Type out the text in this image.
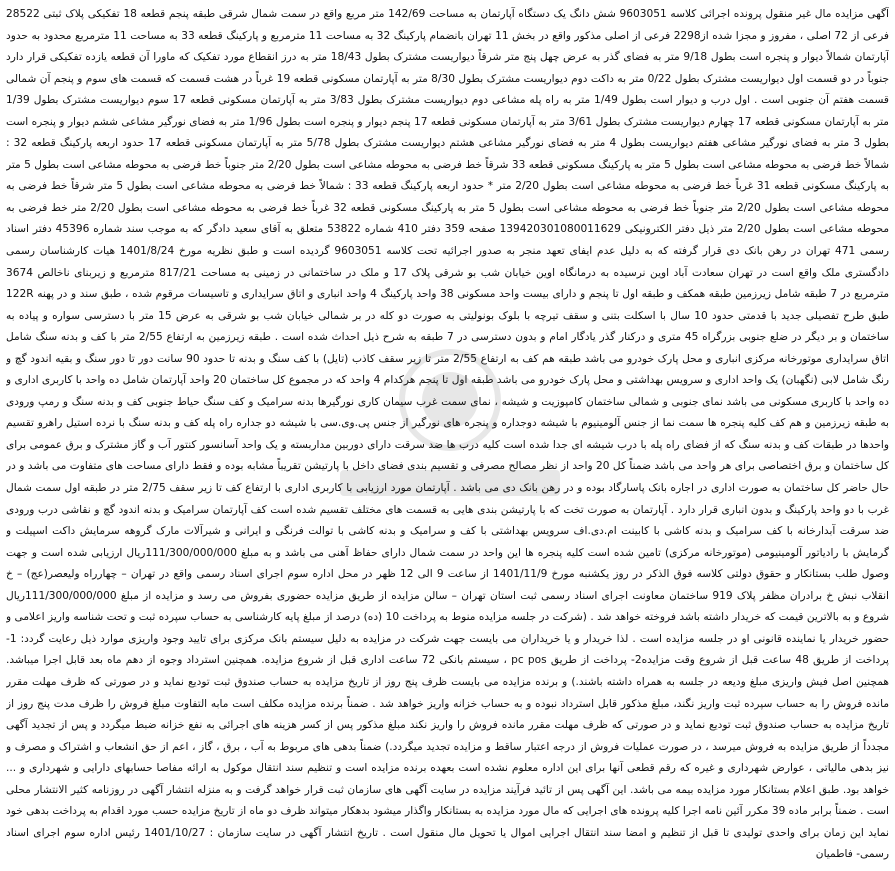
آگهی مزایده مال غیر منقول پرونده اجرائی کلاسه 9603051 شش دانگ یک دستگاه آپارتمان به مساحت 142/69 متر مربع واقع در سمت شمال شرقی طبقه پنجم قطعه 18 تفکیکی پلاک ثبتی 28522 فرعی از 72 اصلی ، مفروز و مجزا شده از2298 فرعی از اصلی مذکور واقع در بخش 11 تهران بانضمام پارکینگ 32 به مساحت 11 مترمربع و پارکینگ قطعه 33 به مساحت 11 مترمربع محدود به حدود آپارتمان شمالاً دیوار و پنجره است بطول 9/18 متر به فضای گذر به عرض چهل پنج متر شرقاً دیواریست مشترک بطول 18/43 متر به درز انقطاع مورد تفکیک که ماورا آن قطعه یازده تفکیکی قرار دارد جنوباً در دو قسمت اول دیواریست مشترک بطول 0/22 متر به داکت دوم دیواریست مشترک بطول 8/30 متر به آپارتمان مسکونی قطعه 19 غرباً در هشت قسمت که قسمت های سوم و پنجم آن شمالی قسمت هفتم آن جنوبی است . اول درب و دیوار است بطول 1/49 متر به راه پله مشاعی دوم دیواریست مشترک بطول 3/83 متر به آپارتمان مسکونی قطعه 17 سوم دیواریست مشترک بطول 1/39 متر به آپارتمان مسکونی قطعه 17 چهارم دیواریست مشترک بطول 3/61 متر به آپارتمان مسکونی قطعه 17 پنجم دیوار و پنجره است بطول 1/96 متر به فضای نورگیر مشاعی ششم دیوار و پنجره است بطول 3 متر به فضای نورگیر مشاعی هفتم دیواریست بطول 4 متر به فضای نورگیر مشاعی هشتم دیواریست مشترک بطول 5/78 متر به آپارتمان مسکونی قطعه 17 حدود اربعه پارکینگ قطعه 32 : شمالاً خط فرضی به محوطه مشاعی است بطول 5 متر به پارکینگ مسکونی قطعه 33 شرقاً خط فرضی به محوطه مشاعی است بطول 2/20 متر جنوباً خط فرضی به محوطه مشاعی است بطول 5 متر به پارکینگ مسکونی قطعه 31 غرباً خط فرضی به محوطه مشاعی است بطول 2/20 متر * حدود اربعه پارکینگ قطعه 33 : شمالاً خط فرضی به محوطه مشاعی است بطول 5 متر شرقاً خط فرضی به محوطه مشاعی است بطول 2/20 متر جنوباً خط فرضی به محوطه مشاعی است بطول 5 متر به پارکینگ مسکونی قطعه 32 غرباً خط فرضی به محوطه مشاعی است بطول 2/20 متر خط فرضی به محوطه مشاعی است بطول 2/20 متر ذیل دفتر الکترونیکی 139420301080011629 صفحه 359 دفتر 410 شماره 53822 متعلق به آقای سعید دادگر که به موجب سند شماره 45396 دفتر اسناد رسمی 471 تهران در رهن بانک دی قرار گرفته که به دلیل عدم ایفای تعهد منجر به صدور اجرائیه تحت کلاسه 9603051 گردیده است و طبق نظریه مورخ 1401/8/24 هیات کارشناسان رسمی دادگستری ملک واقع است در تهران سعادت آباد اوین نرسیده به درمانگاه اوین خیابان شب بو شرقی پلاک 17 و ملک در ساختمانی در زمینی به مساحت 817/21 مترمربع و زیربنای ناخالص 3674 مترمربع در 7 طبقه شامل زیرزمین طبقه همکف و طبقه اول تا پنجم و دارای بیست واحد مسکونی 38 واحد پارکینگ 4 واحد انباری و اتاق سرایداری و تاسیسات مرقوم شده ، طبق سند و در پهنه 122R طبق طرح تفصیلی جدید با قدمتی حدود 10 سال با اسکلت بتنی و سقف تیرچه با بلوک بونولیتی به صورت دو کله در بر شمالی خیابان شب بو شرقی به عرض 15 متر با دسترسی سواره و پیاده به ساختمان و بر دیگر در ضلع جنوبی بزرگراه 45 متری و درکنار گذر یادگار امام و بدون دسترسی در 7 طبقه به شرح ذیل احداث شده است . طبقه زیرزمین به ارتفاع 2/55 متر با کف و بدنه سنگ شامل اتاق سرایداری موتورخانه مرکزی انباری و محل پارک خودرو می باشد طبقه هم کف به ارتفاع 2/55 متر تا زیر سقف کاذب (تایل) با کف سنگ و بدنه تا حدود 90 سانت دور تا دور سنگ و بقیه اندود گچ و رنگ شامل لابی (نگهبان) یک واحد اداری و سرویس بهداشتی و محل پارک خودرو می باشد طبقه اول تا پنجم هرکدام 4 واحد که در مجموع کل ساختمان 20 واحد آپارتمان شامل ده واحد با کاربری اداری و ده واحد با کاربری مسکونی می باشد نمای جنوبی و شمالی ساختمان کامپوزیت و شیشه ، نمای سمت غرب سیمان کاری نورگیرها بدنه سرامیک و کف سنگ حیاط جنوبی کف و بدنه سنگ و رمپ ورودی به طبقه زیرزمین و هم کف کلیه پنجره ها سمت نما از جنس آلومینیوم با شیشه دوجداره و پنجره های نورگیر از جنس پی.وی.سی با شیشه دو جداره راه پله کف و بدنه سنگ با نرده استیل راهرو تقسیم واحدها در طبقات کف و بدنه سنگ که از فضای راه پله با درب شیشه ای جدا شده است کلیه درب ها ضد سرقت دارای دوربین مداربسته و یک واحد آسانسور کنتور آب و گاز مشترک و برق عمومی برای کل ساختمان و برق اختصاصی برای هر واحد می باشد ضمناً کل 20 واحد از نظر مصالح مصرفی و تقسیم بندی فضای داخل با پارتیشن تقریباً مشابه بوده و فقط دارای مساحت های متفاوت می باشد و در حال حاضر کل ساختمان به صورت اداری در اجاره بانک پاسارگاد بوده و در رهن بانک دی می باشد . آپارتمان مورد ارزیابی با کاربری اداری با ارتفاع کف تا زیر سقف 2/75 متر در طبقه اول سمت شمال غرب با دو واحد پارکینگ و بدون انباری قرار دارد . آپارتمان به صورت تخت که با پارتیشن بندی هایی به قسمت های مختلف تقسیم شده است کف آپارتمان سرامیک و بدنه اندود گچ و نقاشی درب ورودی ضد سرقت آبدارخانه با کف سرامیک و بدنه کاشی با کابینت ام.دی.اف سرویس بهداشتی با کف و سرامیک و بدنه کاشی با توالت فرنگی و ایرانی و شیرآلات مارک گروهه سرمایش داکت اسپیلت و گرمایش با رادیاتور آلومینیومی (موتورخانه مرکزی) تامین شده است کلیه پنجره ها این واحد در سمت شمال دارای حفاظ آهنی می باشد و به مبلغ 111/300/000/000ریال ارزیابی شده است و جهت وصول طلب بستانکار و حقوق دولتی کلاسه فوق الذکر در روز یکشنبه مورخ 1401/11/9 از ساعت 9 الی 12 ظهر در محل اداره سوم اجرای اسناد رسمی واقع در تهران – چهارراه ولیعصر(عج) – خ انقلاب نبش خ برادران مظفر پلاک 919 ساختمان معاونت اجرای اسناد رسمی ثبت استان تهران – سالن مزایده از طریق مزایده حضوری بفروش می رسد و مزایده از مبلغ 111/300/000/000ریال شروع و به بالاترین قیمت که خریدار داشته باشد فروخته خواهد شد . (شرکت در جلسه مزایده منوط به پرداخت 10 (ده) درصد از مبلغ پایه کارشناسی به حساب سپرده ثبت و تحت شناسه واریز اعلامی و حضور خریدار یا نماینده قانونی او در جلسه مزایده است . لذا خریدار و یا خریداران می بایست جهت شرکت در مزایده به دلیل سیستم بانک مرکزی برای تایید وجود واریزی موارد ذیل رعایت گردد: 1- پرداخت از طریق 48 ساعت قبل از شروع وقت مزایده2- پرداخت از طریق pc pos ، سیستم بانکی 72 ساعت اداری قبل از شروع مزایده. همچنین استرداد وجوه از دهم ماه بعد قابل اجرا میباشد. همچنین اصل فیش واریزی مبلغ ودیعه در جلسه به همراه داشته باشند.) و برنده مزایده می بایست ظرف پنج روز از تاریخ مزایده به حساب صندوق ثبت تودیع نماید و در صورتی که ظرف مهلت مقرر مانده فروش را به حساب سپرده ثبت واریز نگند، مبلغ مذکور قابل استرداد نبوده و به حساب خزانه واریز خواهد شد . ضمناً برنده مزایده مکلف است مابه التفاوت مبلغ فروش را ظرف مدت پنج روز از تاریخ مزایده به حساب صندوق ثبت تودیع نماید و در صورتی که ظرف مهلت مقرر مانده فروش را واریز نکند مبلغ مذکور پس از کسر هزینه های اجرائی به نفع خزانه ضبط میگردد و پس از تجدید آگهی مجدداً از طریق مزایده به فروش میرسد ، در صورت عملیات فروش از درجه اعتبار ساقط و مزایده تجدید میگردد.) ضمناً بدهی های مربوط به آب ، برق ، گاز ، اعم از حق انشعاب و اشتراک و مصرف و نیز بدهی مالیاتی ، عوارض شهرداری و غیره که رقم قطعی آنها برای این اداره معلوم نشده است بعهده برنده مزایده است و تنظیم سند انتقال موکول به ارائه مفاصا حسابهای دارایی و شهرداری و ... خواهد بود. طبق اعلام بستانکار مورد مزایده بیمه می باشد. این آگهی پس از تائید فرآیند مزایده در سایت آگهی های سازمان ثبت قرار خواهد گرفت و به منزله انتشار آگهی در روزنامه کثیر الانتشار محلی است . ضمناً برابر ماده 39 مکرر آئین نامه اجرا کلیه پرونده های اجرایی که مال مورد مزایده به بستانکار واگذار میشود بدهکار میتواند ظرف دو ماه از تاریخ مزایده حسب مورد اقدام به پرداخت بدهی خود نماید این زمان برای واحدی تولیدی تا قبل از تنظیم و امضا سند انتقال اجرایی اموال یا تحویل مال منقول است . تاریخ انتشار آگهی در سایت سازمان : 1401/10/27 رئیس اداره سوم اجرای اسناد رسمی- فاطمیان
